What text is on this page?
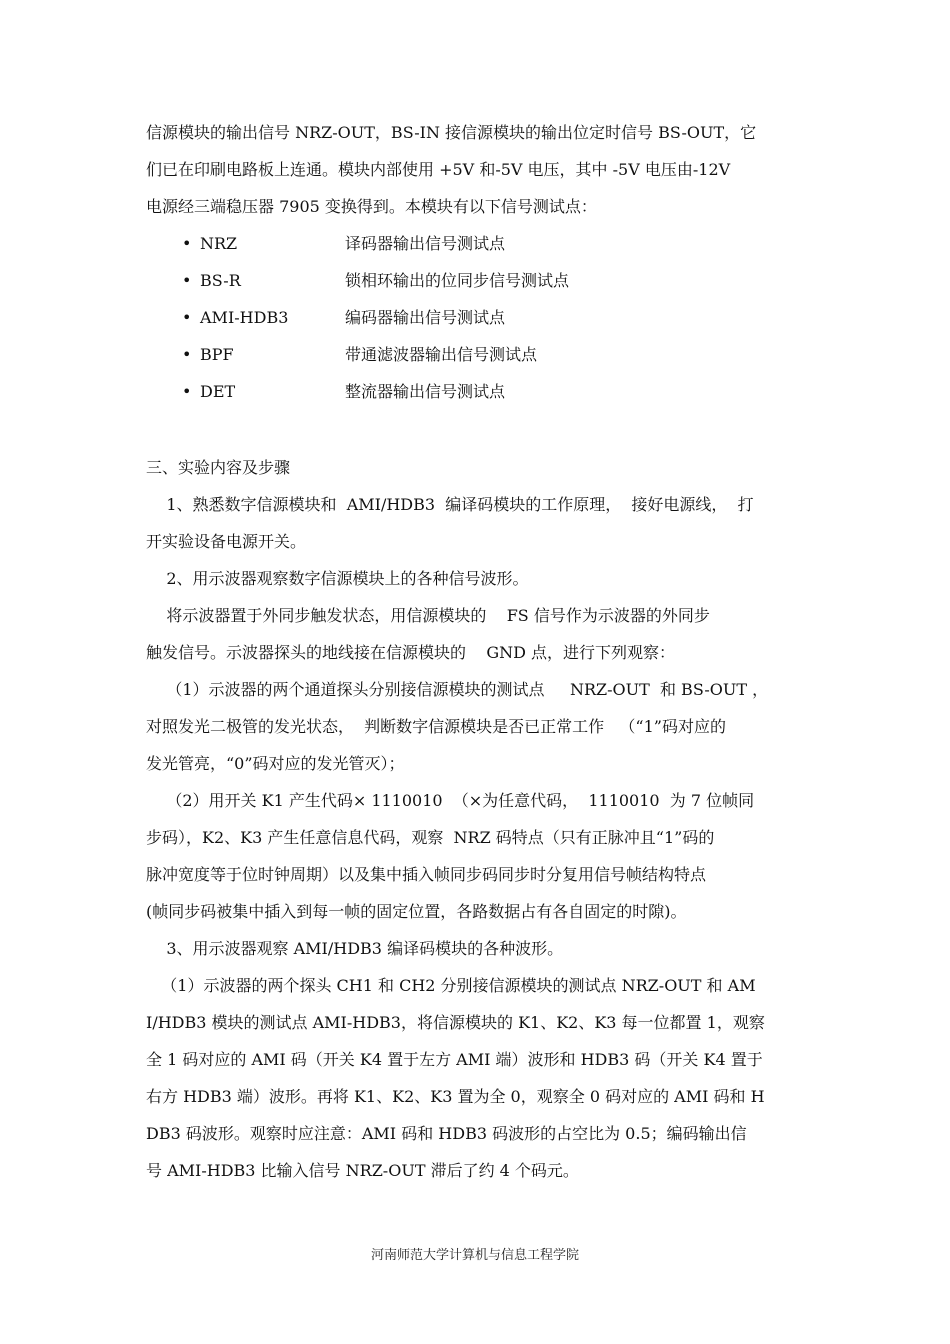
信源模块的输出信号 NRZ-OUT，BS-IN 接信源模块的输出位定时信号 BS-OUT，它
们已在印刷电路板上连通。模块内部使用 +5V 和-5V 电压，其中 -5V 电压由-12V
电源经三端稳压器 7905 变换得到。本模块有以下信号测试点：
• NRZ	译码器输出信号测试点
• BS-R	锁相环输出的位同步信号测试点
• AMI-HDB3	编码器输出信号测试点
• BPF	带通滤波器输出信号测试点
• DET	整流器输出信号测试点
三、实验内容及步骤
1、熟悉数字信源模块和  AMI/HDB3  编译码模块的工作原理，  接好电源线，  打
开实验设备电源开关。
2、用示波器观察数字信源模块上的各种信号波形。
将示波器置于外同步触发状态，用信源模块的    FS 信号作为示波器的外同步
触发信号。示波器探头的地线接在信源模块的    GND 点，进行下列观察：
（1）示波器的两个通道探头分别接信源模块的测试点     NRZ-OUT  和 BS-OUT ，
对照发光二极管的发光状态，  判断数字信源模块是否已正常工作   （“1”码对应的
发光管亮，“0”码对应的发光管灭）；
（2）用开关 K1 产生代码× 1110010  （×为任意代码，  1110010  为 7 位帧同
步码），K2、K3 产生任意信息代码，观察  NRZ 码特点（只有正脉冲且“1”码的
脉冲宽度等于位时钟周期）以及集中插入帧同步码同步时分复用信号帧结构特点
(帧同步码被集中插入到每一帧的固定位置，各路数据占有各自固定的时隙)。
3、用示波器观察 AMI/HDB3 编译码模块的各种波形。
（1）示波器的两个探头 CH1 和 CH2 分别接信源模块的测试点 NRZ-OUT 和 AM
I/HDB3 模块的测试点 AMI-HDB3，将信源模块的 K1、K2、K3 每一位都置 1，观察
全 1 码对应的 AMI 码（开关 K4 置于左方 AMI 端）波形和 HDB3 码（开关 K4 置于
右方 HDB3 端）波形。再将 K1、K2、K3 置为全 0，观察全 0 码对应的 AMI 码和 H
DB3 码波形。观察时应注意：AMI 码和 HDB3 码波形的占空比为 0.5；编码输出信
号 AMI-HDB3 比输入信号 NRZ-OUT 滞后了约 4 个码元。
河南师范大学计算机与信息工程学院
